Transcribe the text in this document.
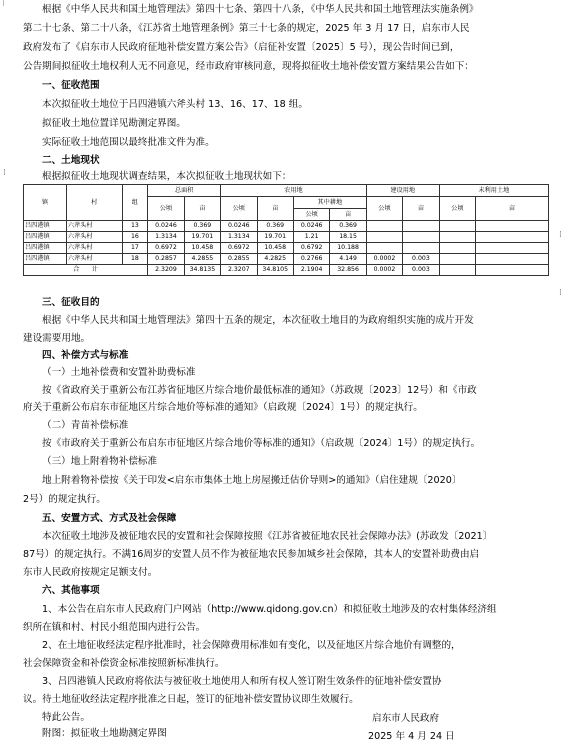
根据《中华人民共和国土地管理法》第四十七条、第四十八条，《中华人民共和国土地管理法实施条例》
第二十七条、第二十八条，《江苏省土地管理条例》第三十七条的规定，2025 年 3 月 17 日，启东市人民
政府发布了《启东市人民政府征地补偿安置方案公告》（启征补安置〔2025〕5 号），现公告时间已到，
公告期间拟征收土地权利人无不同意见，经市政府审核同意，现将拟征收土地补偿安置方案结果公告如下：
一、征收范围
本次拟征收土地位于吕四港镇六斧头村 13、16、17、18 组。
拟征收土地位置详见勘测定界图。
实际征收土地范围以最终批准文件为准。
二、土地现状
⁞	根据拟征收土地现状调查结果，本次拟征收土地现状如下：
镇	村	组	总面积		农用地				建设用地		未利用土地	
			公顷	亩	公顷	亩	其中耕地		公顷	亩	公顷	亩
							公顷	亩				
吕四港镇	六斧头村	13	0.0246	0.369	0.0246	0.369	0.0246	0.369				
吕四港镇	六斧头村	16	1.3134	19.701	1.3134	19.701	1.21	18.15				
吕四港镇	六斧头村	17	0.6972	10.458	0.6972	10.458	0.6792	10.188				
吕四港镇	六斧头村	18	0.2857	4.2855	0.2855	4.2825	0.2766	4.149	0.0002	0.003		
合　　计			2.3209	34.8135	2.3207	34.8105	2.1904	32.856	0.0002	0.003		
⁞
⁞
三、征收目的
根据《中华人民共和国土地管理法》第四十五条的规定，本次征收土地目的为政府组织实施的成片开发
建设需要用地。
四、补偿方式与标准
（一）土地补偿费和安置补助费标准
按《省政府关于重新公布江苏省征地区片综合地价最低标准的通知》（苏政规〔2023〕12号）和《市政
府关于重新公布启东市征地区片综合地价等标准的通知》（启政规〔2024〕1号）的规定执行。
（二）青苗补偿标准
按《市政府关于重新公布启东市征地区片综合地价等标准的通知》（启政规〔2024〕1号）的规定执行。
（三）地上附着物补偿标准
地上附着物补偿按《关于印发<启东市集体土地上房屋搬迁估价导则>的通知》（启住建规〔2020〕
2号）的规定执行。
五、安置方式、方式及社会保障
本次征收土地涉及被征地农民的安置和社会保障按照《江苏省被征地农民社会保障办法》(苏政发〔2021〕
87号）的规定执行。不满16周岁的安置人员不作为被征地农民参加城乡社会保障，其本人的安置补助费由启
东市人民政府按规定足额支付。
六、其他事项
1、本公告在启东市人民政府门户网站（http://www.qidong.gov.cn）和拟征收土地涉及的农村集体经济组
织所在镇和村、村民小组范围内进行公告。
2、在土地征收经法定程序批准时，社会保障费用标准如有变化，以及征地区片综合地价有调整的，
社会保障资金和补偿资金标准按照新标准执行。
3、吕四港镇人民政府将依法与被征收土地使用人和所有权人签订附生效条件的征地补偿安置协
议。待土地征收经法定程序批准之日起，签订的征地补偿安置协议即生效履行。
特此公告。
附图：拟征收土地勘测定界图
启东市人民政府
2025 年 4 月 24 日
